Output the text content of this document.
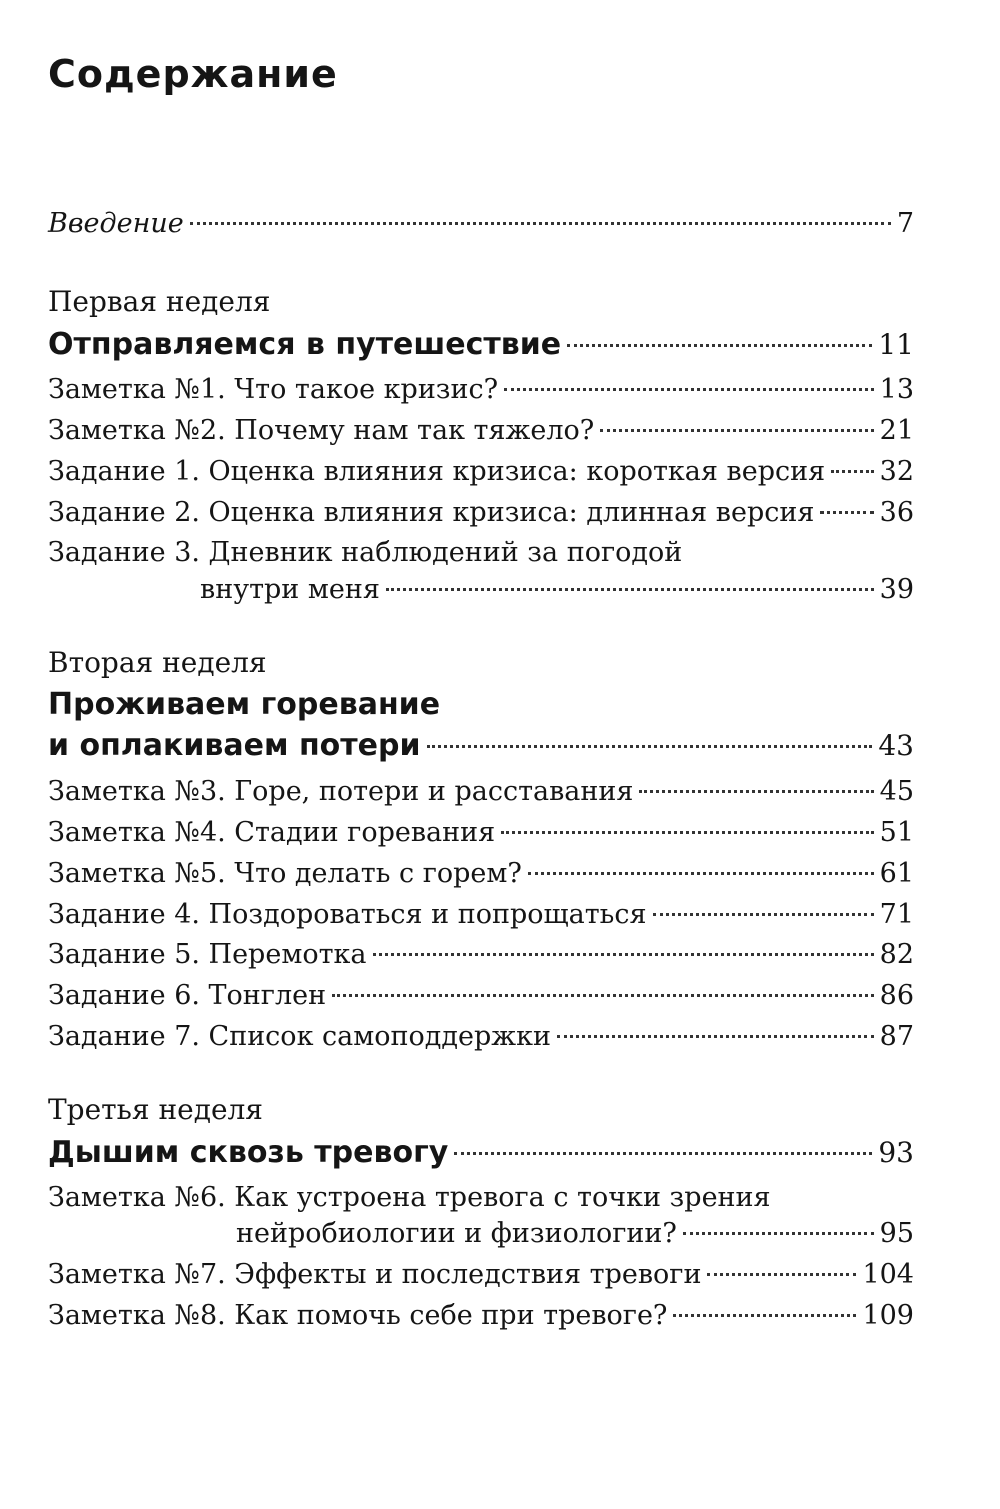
Содержание
Введение	7
Первая неделя
Отправляемся в путешествие	11
Заметка №1. Что такое кризис?	13
Заметка №2. Почему нам так тяжело?	21
Задание 1. Оценка влияния кризиса: короткая версия 32
Задание 2. Оценка влияния кризиса: длинная версия 36
Задание 3. Дневник наблюдений за погодой
внутри меня	39
Вторая неделя
Проживаем горевание
и оплакиваем потери	43
Заметка №3. Горе, потери и расставания	45
Заметка №4. Стадии горевания	51
Заметка №5. Что делать с горем?	61
Задание 4. Поздороваться и попрощаться	71
Задание 5. Перемотка	82
Задание 6. Тонглен	86
Задание 7. Список самоподдержки	87
Третья неделя
Дышим сквозь тревогу	93
Заметка №6. Как устроена тревога с точки зрения
нейробиологии и физиологии?	95
Заметка №7. Эффекты и последствия тревоги	104
Заметка №8. Как помочь себе при тревоге?	109
